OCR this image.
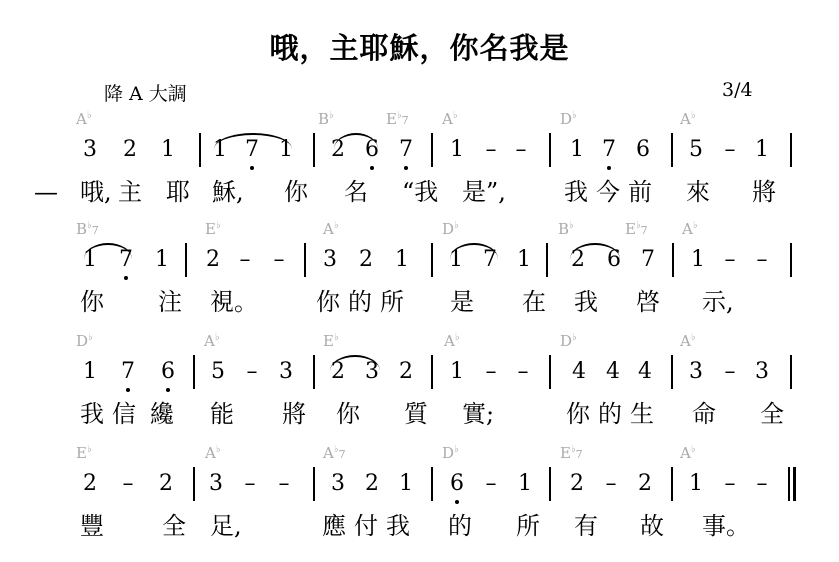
哦，主耶穌，你名我是
降 A 大調	3/4
A♭	B♭	E♭7 A♭	D♭	A♭
3 2 1 1 7 1 2 6 7 1 – – 1 7 6 5 – 1
— 哦, 主 耶 穌, 你 名 “我 是”, 我 今 前 來 將
B♭7	E♭	A♭	D♭	B♭	E♭7 A♭
1 7 1 2 – – 3 2 1 1 7 1 2 6 7 1 – –
你 注 視。 你 的 所 是 在 我 啓 示,
D♭	A♭	E♭	A♭	D♭	A♭
1 7 6 5 – 3 2 3 2 1 – – 4 4 4 3 – 3
我 信 纔 能 將 你 質 實;	你 的 生 命 全
E♭	A♭	A♭7	D♭	E♭7	A♭
2 – 2 3 – – 3 2 1 6 – 1 2 – 2 1 – –
豐 全 足,	應 付 我 的 所 有 故 事。
